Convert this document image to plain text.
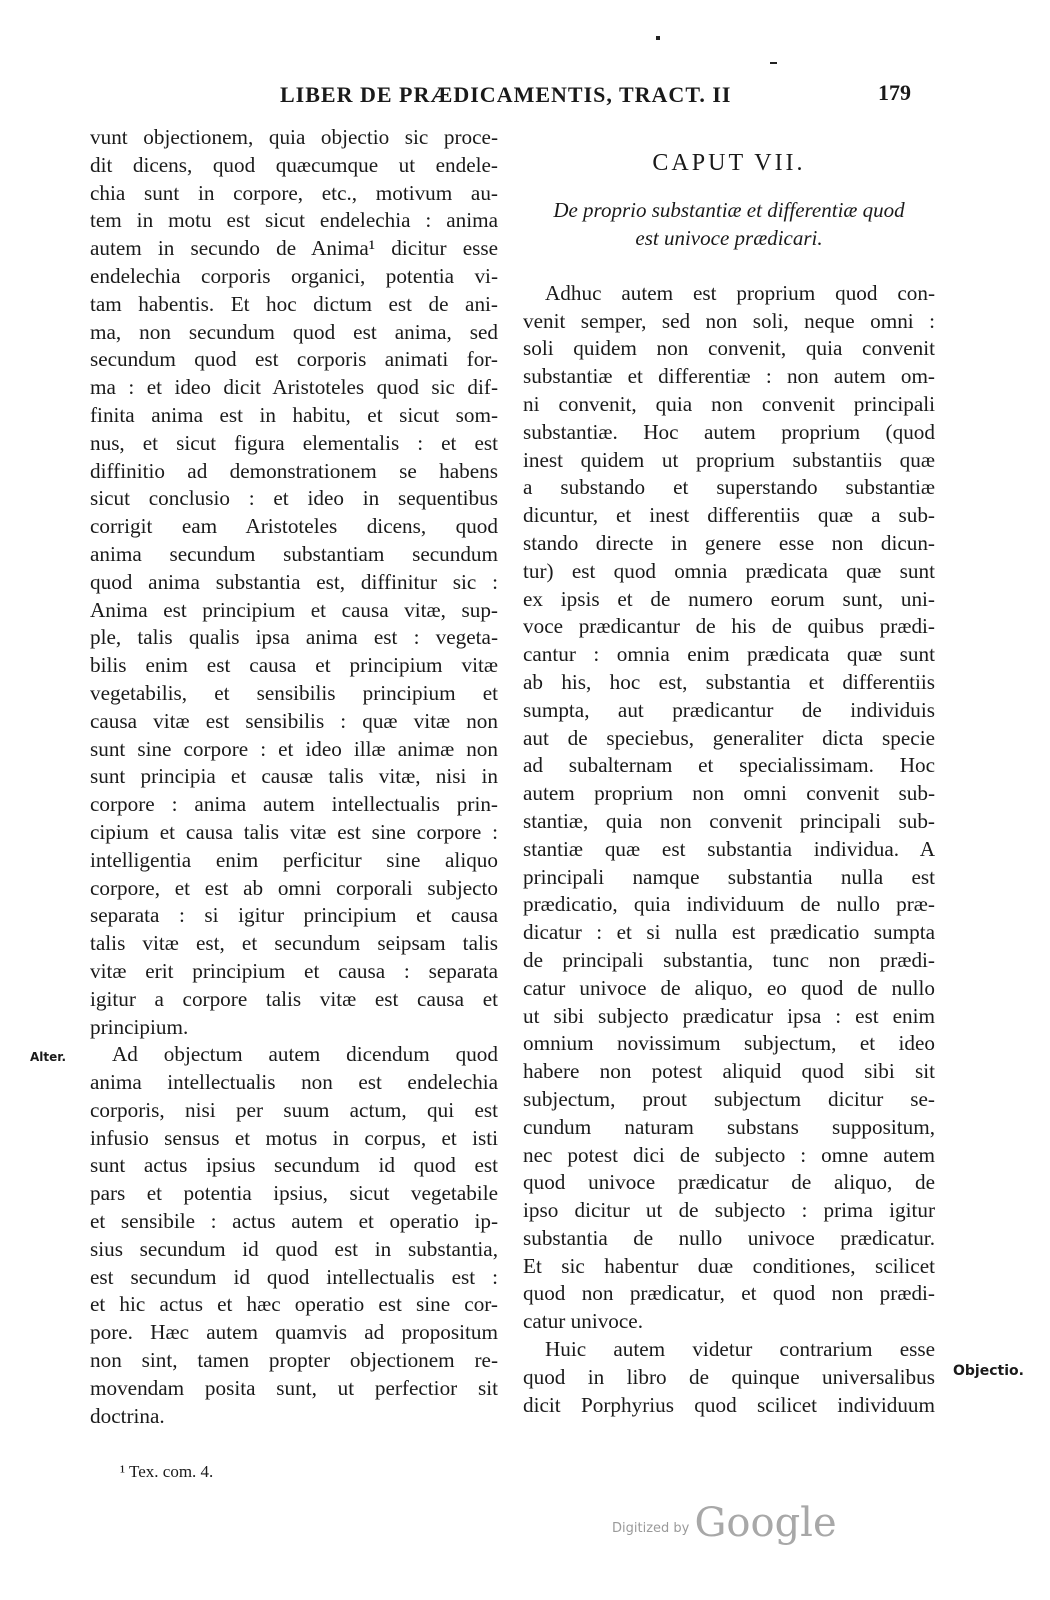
LIBER DE PRÆDICAMENTIS, TRACT. II	179
vunt objectionem, quia objectio sic proce-
dit dicens, quod quæcumque ut endele-
chia sunt in corpore, etc., motivum au-
tem in motu est sicut endelechia : anima
autem in secundo de Anima¹ dicitur esse
endelechia corporis organici, potentia vi-
tam habentis. Et hoc dictum est de ani-
ma, non secundum quod est anima, sed
secundum quod est corporis animati for-
ma : et ideo dicit Aristoteles quod sic dif-
finita anima est in habitu, et sicut som-
nus, et sicut figura elementalis : et est
diffinitio ad demonstrationem se habens
sicut conclusio : et ideo in sequentibus
corrigit eam Aristoteles dicens, quod
anima secundum substantiam secundum
quod anima substantia est, diffinitur sic :
Anima est principium et causa vitæ, sup-
ple, talis qualis ipsa anima est : vegeta-
bilis enim est causa et principium vitæ
vegetabilis, et sensibilis principium et
causa vitæ est sensibilis : quæ vitæ non
sunt sine corpore : et ideo illæ animæ non
sunt principia et causæ talis vitæ, nisi in
corpore : anima autem intellectualis prin-
cipium et causa talis vitæ est sine corpore :
intelligentia enim perficitur sine aliquo
corpore, et est ab omni corporali subjecto
separata : si igitur principium et causa
talis vitæ est, et secundum seipsam talis
vitæ erit principium et causa : separata
igitur a corpore talis vitæ est causa et
principium.
Ad objectum autem dicendum quod
anima intellectualis non est endelechia
corporis, nisi per suum actum, qui est
infusio sensus et motus in corpus, et isti
sunt actus ipsius secundum id quod est
pars et potentia ipsius, sicut vegetabile
et sensibile : actus autem et operatio ip-
sius secundum id quod est in substantia,
est secundum id quod intellectualis est :
et hic actus et hæc operatio est sine cor-
pore. Hæc autem quamvis ad propositum
non sint, tamen propter objectionem re-
movendam posita sunt, ut perfectior sit
doctrina.
CAPUT VII.
De proprio substantiæ et differentiæ quod
est univoce prædicari.
Adhuc autem est proprium quod con-
venit semper, sed non soli, neque omni :
soli quidem non convenit, quia convenit
substantiæ et differentiæ : non autem om-
ni convenit, quia non convenit principali
substantiæ. Hoc autem proprium (quod
inest quidem ut proprium substantiis quæ
a substando et superstando substantiæ
dicuntur, et inest differentiis quæ a sub-
stando directe in genere esse non dicun-
tur) est quod omnia prædicata quæ sunt
ex ipsis et de numero eorum sunt, uni-
voce prædicantur de his de quibus prædi-
cantur : omnia enim prædicata quæ sunt
ab his, hoc est, substantia et differentiis
sumpta, aut prædicantur de individuis
aut de speciebus, generaliter dicta specie
ad subalternam et specialissimam. Hoc
autem proprium non omni convenit sub-
stantiæ, quia non convenit principali sub-
stantiæ quæ est substantia individua. A
principali namque substantia nulla est
prædicatio, quia individuum de nullo præ-
dicatur : et si nulla est prædicatio sumpta
de principali substantia, tunc non prædi-
catur univoce de aliquo, eo quod de nullo
ut sibi subjecto prædicatur ipsa : est enim
omnium novissimum subjectum, et ideo
habere non potest aliquid quod sibi sit
subjectum, prout subjectum dicitur se-
cundum naturam substans suppositum,
nec potest dici de subjecto : omne autem
quod univoce prædicatur de aliquo, de
ipso dicitur ut de subjecto : prima igitur
substantia de nullo univoce prædicatur.
Et sic habentur duæ conditiones, scilicet
quod non prædicatur, et quod non prædi-
catur univoce.
Huic autem videtur contrarium esse
quod in libro de quinque universalibus
dicit Porphyrius quod scilicet individuum
Alter.
Objectio.
¹ Tex. com. 4.
$^{Digitized by}$ Google
